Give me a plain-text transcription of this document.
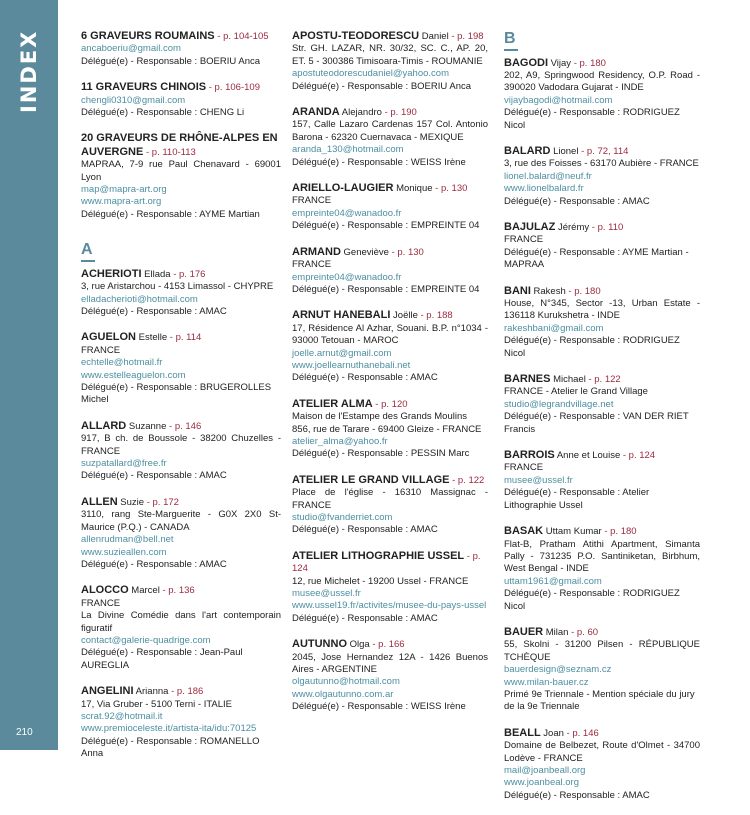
INDEX
210
6 GRAVEURS ROUMAINS - p. 104-105
ancaboeriu@gmail.com
Délégué(e) - Responsable : BOERIU Anca
11 GRAVEURS CHINOIS - p. 106-109
chengli0310@gmail.com
Délégué(e) - Responsable : CHENG Li
20 GRAVEURS DE RHÔNE-ALPES EN AUVERGNE - p. 110-113
MAPRAA, 7-9 rue Paul Chenavard - 69001 Lyon
map@mapra-art.org
www.mapra-art.org
Délégué(e) - Responsable : AYME Martian
A
ACHERIOTI Ellada - p. 176
3, rue Aristarchou - 4153 Limassol - CHYPRE
elladacherioti@hotmail.com
Délégué(e) - Responsable : AMAC
AGUELON Estelle - p. 114
FRANCE
echtelle@hotmail.fr
www.estelleaguelon.com
Délégué(e) - Responsable : BRUGEROLLES Michel
ALLARD Suzanne - p. 146
917, B ch. de Boussole - 38200 Chuzelles - FRANCE
suzpatallard@free.fr
Délégué(e) - Responsable : AMAC
ALLEN Suzie - p. 172
3110, rang Ste-Marguerite - G0X 2X0 St-Maurice (P.Q.) - CANADA
allenrudman@bell.net
www.suzieallen.com
Délégué(e) - Responsable : AMAC
ALOCCO Marcel - p. 136
FRANCE
La Divine Comédie dans l'art contemporain figuratif
contact@galerie-quadrige.com
Délégué(e) - Responsable : Jean-Paul AUREGLIA
ANGELINI Arianna - p. 186
17, Via Gruber - 5100 Terni - ITALIE
scrat.92@hotmail.it
www.premioceleste.it/artista-ita/idu:70125
Délégué(e) - Responsable : ROMANELLO Anna
APOSTU-TEODORESCU Daniel - p. 198
Str. GH. LAZAR, NR. 30/32, SC. C., AP. 20, ET. 5 - 300386 Timisoara-Timis - ROUMANIE
apostuteodorescudaniel@yahoo.com
Délégué(e) - Responsable : BOERIU Anca
ARANDA Alejandro - p. 190
157, Calle Lazaro Cardenas 157 Col. Antonio Barona - 62320 Cuernavaca - MEXIQUE
aranda_130@hotmail.com
Délégué(e) - Responsable : WEISS Irène
ARIELLO-LAUGIER Monique - p. 130
FRANCE
empreinte04@wanadoo.fr
Délégué(e) - Responsable : EMPREINTE 04
ARMAND Geneviève - p. 130
FRANCE
empreinte04@wanadoo.fr
Délégué(e) - Responsable : EMPREINTE 04
ARNUT HANEBALI Joëlle - p. 188
17, Résidence Al Azhar, Souani. B.P. n°1034 - 93000 Tetouan - MAROC
joelle.arnut@gmail.com
www.joellearnuthanebali.net
Délégué(e) - Responsable : AMAC
ATELIER ALMA - p. 120
Maison de l'Estampe des Grands Moulins
856, rue de Tarare - 69400 Gleize - FRANCE
atelier_alma@yahoo.fr
Délégué(e) - Responsable : PESSIN Marc
ATELIER LE GRAND VILLAGE - p. 122
Place de l'église - 16310 Massignac - FRANCE
studio@fvanderriet.com
Délégué(e) - Responsable : AMAC
ATELIER LITHOGRAPHIE USSEL - p. 124
12, rue Michelet - 19200 Ussel - FRANCE
musee@ussel.fr
www.ussel19.fr/activites/musee-du-pays-ussel
Délégué(e) - Responsable : AMAC
AUTUNNO Olga - p. 166
2045, Jose Hernandez 12A - 1426 Buenos Aires - ARGENTINE
olgautunno@hotmail.com
www.olgautunno.com.ar
Délégué(e) - Responsable : WEISS Irène
B
BAGODI Vijay - p. 180
202, A9, Springwood Residency, O.P. Road - 390020 Vadodara Gujarat - INDE
vijaybagodi@hotmail.com
Délégué(e) - Responsable : RODRIGUEZ Nicol
BALARD Lionel - p. 72, 114
3, rue des Foisses - 63170 Aubière - FRANCE
lionel.balard@neuf.fr
www.lionelbalard.fr
Délégué(e) - Responsable : AMAC
BAJULAZ Jérémy - p. 110
FRANCE
Délégué(e) - Responsable : AYME Martian - MAPRAA
BANI Rakesh - p. 180
House, N°345, Sector -13, Urban Estate - 136118 Kurukshetra - INDE
rakeshbani@gmail.com
Délégué(e) - Responsable : RODRIGUEZ Nicol
BARNES Michael - p. 122
FRANCE - Atelier le Grand Village
studio@legrandvillage.net
Délégué(e) - Responsable : VAN DER RIET Francis
BARROIS Anne et Louise - p. 124
FRANCE
musee@ussel.fr
Délégué(e) - Responsable : Atelier Lithographie Ussel
BASAK Uttam Kumar - p. 180
Flat-B, Pratham Atithi Apartment, Simanta Pally - 731235 P.O. Santiniketan, Birbhum, West Bengal - INDE
uttam1961@gmail.com
Délégué(e) - Responsable : RODRIGUEZ Nicol
BAUER Milan - p. 60
55, Skolni - 31200 Pilsen - RÉPUBLIQUE TCHÈQUE
bauerdesign@seznam.cz
www.milan-bauer.cz
Primé 9e Triennale - Mention spéciale du jury de la 9e Triennale
BEALL Joan - p. 146
Domaine de Belbezet, Route d'Olmet - 34700 Lodève - FRANCE
mail@joanbeall.org
www.joanbeal.org
Délégué(e) - Responsable : AMAC
